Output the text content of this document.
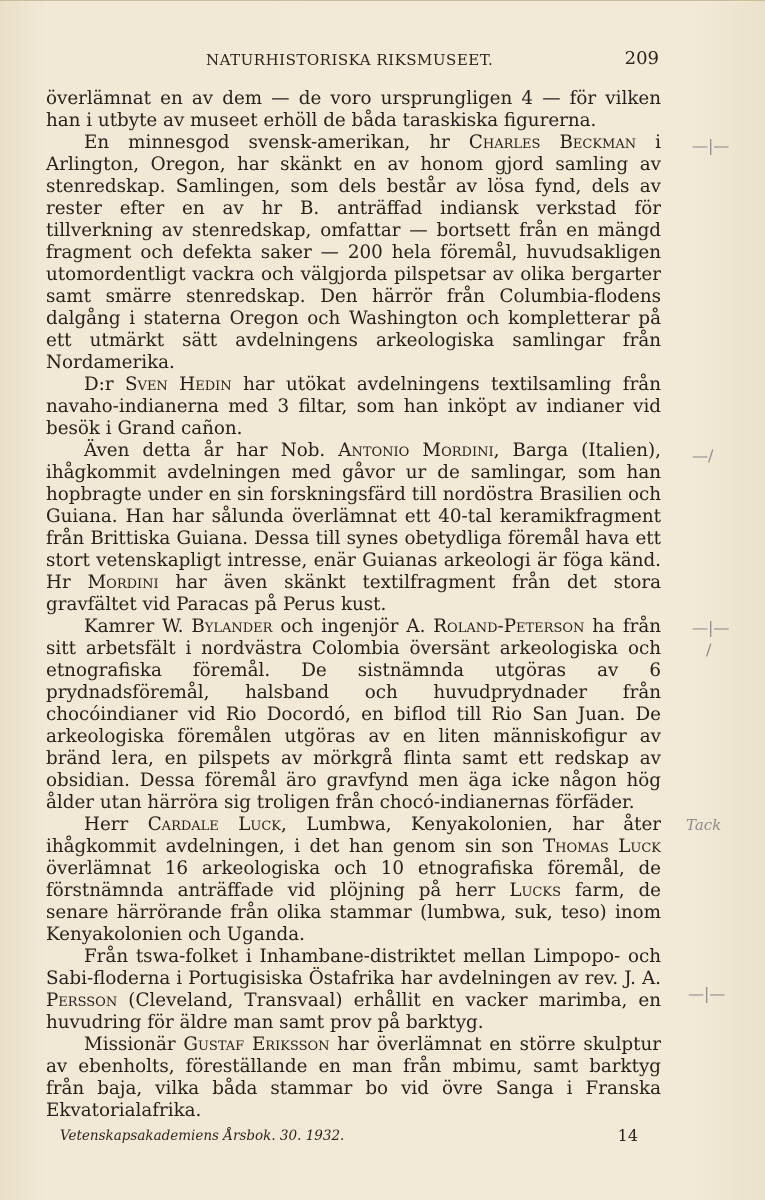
NATURHISTORISKA RIKSMUSEET.	209

överlämnat en av dem — de voro ursprungligen 4 — för vilken han i utbyte av museet erhöll de båda taraskiska figurerna.

En minnesgod svensk-amerikan, hr Charles Beckman i Arlington, Oregon, har skänkt en av honom gjord samling av stenredskap. Samlingen, som dels består av lösa fynd, dels av rester efter en av hr B. anträffad indiansk verkstad för tillverkning av stenredskap, omfattar — bortsett från en mängd fragment och defekta saker — 200 hela föremål, huvudsakligen utomordentligt vackra och välgjorda pilspetsar av olika bergarter samt smärre stenredskap. Den härrör från Columbia-flodens dalgång i staterna Oregon och Washington och kompletterar på ett utmärkt sätt avdelningens arkeologiska samlingar från Nordamerika.

D:r Sven Hedin har utökat avdelningens textilsamling från navaho-indianerna med 3 filtar, som han inköpt av indianer vid besök i Grand cañon.

Även detta år har Nob. Antonio Mordini, Barga (Italien), ihågkommit avdelningen med gåvor ur de samlingar, som han hopbragte under en sin forskningsfärd till nordöstra Brasilien och Guiana. Han har sålunda överlämnat ett 40-tal keramikfragment från Brittiska Guiana. Dessa till synes obetydliga föremål hava ett stort vetenskapligt intresse, enär Guianas arkeologi är föga känd. Hr Mordini har även skänkt textilfragment från det stora gravfältet vid Paracas på Perus kust.

Kamrer W. Bylander och ingenjör A. Roland-Peterson ha från sitt arbetsfält i nordvästra Colombia översänt arkeologiska och etnografiska föremål. De sistnämnda utgöras av 6 prydnadsföremål, halsband och huvudprydnader från chocóindianer vid Rio Docordó, en biflod till Rio San Juan. De arkeologiska föremålen utgöras av en liten människofigur av bränd lera, en pilspets av mörkgrå flinta samt ett redskap av obsidian. Dessa föremål äro gravfynd men äga icke någon hög ålder utan härröra sig troligen från chocó-indianernas förfäder.

Herr Cardale Luck, Lumbwa, Kenyakolonien, har åter ihågkommit avdelningen, i det han genom sin son Thomas Luck överlämnat 16 arkeologiska och 10 etnografiska föremål, de förstnämnda anträffade vid plöjning på herr Lucks farm, de senare härrörande från olika stammar (lumbwa, suk, teso) inom Kenyakolonien och Uganda.

Från tswa-folket i Inhambane-distriktet mellan Limpopo- och Sabi-floderna i Portugisiska Östafrika har avdelningen av rev. J. A. Persson (Cleveland, Transvaal) erhållit en vacker marimba, en huvudring för äldre man samt prov på barktyg.

Missionär Gustaf Eriksson har överlämnat en större skulptur av ebenholts, föreställande en man från mbimu, samt barktyg från baja, vilka båda stammar bo vid övre Sanga i Franska Ekvatorialafrika.

Vetenskapsakademiens Årsbok. 30. 1932.	14
—|—
—/
—|—
/
Tack
—|—
